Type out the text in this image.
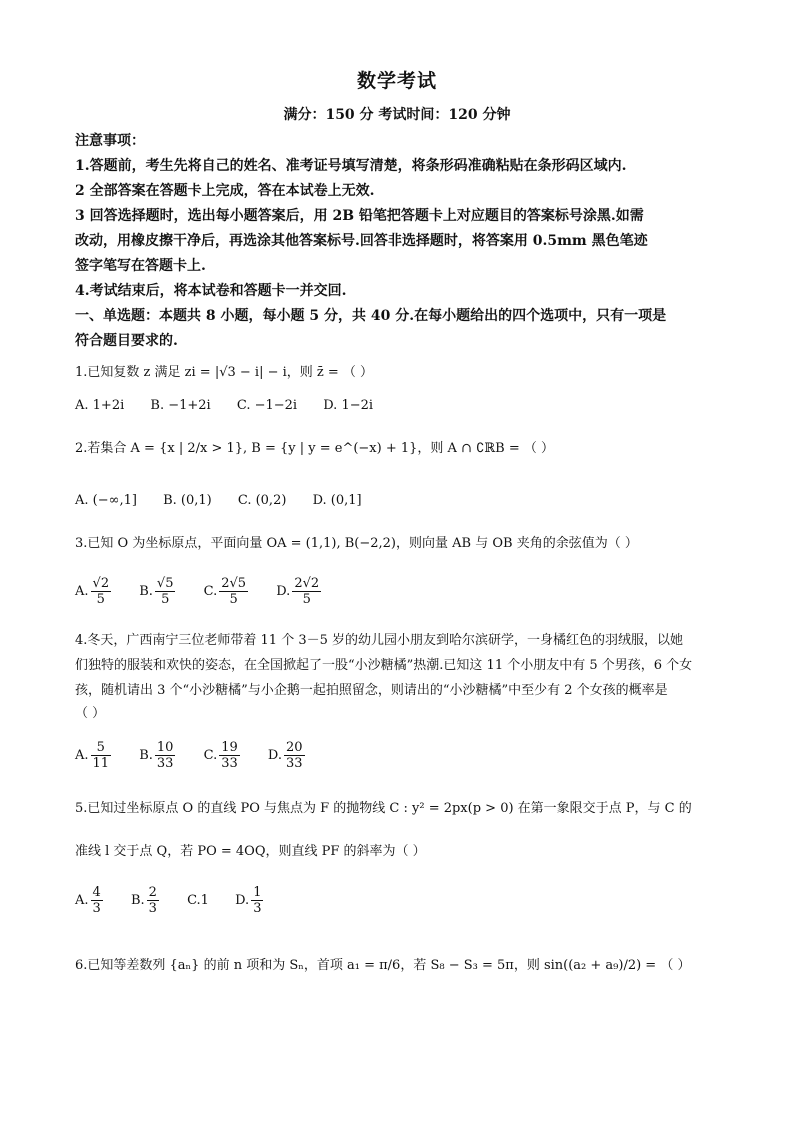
数学考试
满分：150 分 考试时间：120 分钟
注意事项：
1.答题前，考生先将自己的姓名、准考证号填写清楚，将条形码准确粘贴在条形码区域内.
2 全部答案在答题卡上完成，答在本试卷上无效.
3 回答选择题时，选出每小题答案后，用 2B 铅笔把答题卡上对应题目的答案标号涂黑.如需
改动，用橡皮擦干净后，再选涂其他答案标号.回答非选择题时，将答案用 0.5mm 黑色笔迹
签字笔写在答题卡上.
4.考试结束后，将本试卷和答题卡一并交回.
一、单选题：本题共 8 小题，每小题 5 分，共 40 分.在每小题给出的四个选项中，只有一项是
符合题目要求的.
1.已知复数 z 满足 zi = |√3 − i| − i，则 z̄ = （ ）
A. 1+2i B. −1+2i C. −1−2i D. 1−2i
2.若集合 A = {x | 2/x > 1}, B = {y | y = e^(−x) + 1}，则 A ∩ ∁ℝB = （ ）
A. (−∞,1] B. (0,1) C. (0,2) D. (0,1]
3.已知 O 为坐标原点，平面向量 OA = (1,1), B(−2,2)，则向量 AB 与 OB 夹角的余弦值为（ ）
A. $\frac{√2}{5} B$. $\frac{√5}{5} C$. $\frac{2√5}{5} D$. $\frac{2√2}{5}$
4.冬天，广西南宁三位老师带着 11 个 3－5 岁的幼儿园小朋友到哈尔滨研学，一身橘红色的羽绒服，以她
们独特的服装和欢快的姿态，在全国掀起了一股“小沙糖橘”热潮.已知这 11 个小朋友中有 5 个男孩，6 个女
孩，随机请出 3 个“小沙糖橘”与小企鹅一起拍照留念，则请出的“小沙糖橘”中至少有 2 个女孩的概率是
（ ）
A. $\frac{5}{11} B$. $\frac{10}{33} C$. $\frac{19}{33} D$. $\frac{20}{33}$
5.已知过坐标原点 O 的直线 PO 与焦点为 F 的抛物线 C : y² = 2px(p > 0) 在第一象限交于点 P，与 C 的
准线 l 交于点 Q，若 PO = 4OQ，则直线 PF 的斜率为（ ）
A. $\frac{4}{3} B$. $\frac{2}{3} C.1$ D. $\frac{1}{3}$
6.已知等差数列 {aₙ} 的前 n 项和为 Sₙ，首项 a₁ = π/6，若 S₈ − S₃ = 5π，则 sin((a₂ + a₉)/2) = （ ）
